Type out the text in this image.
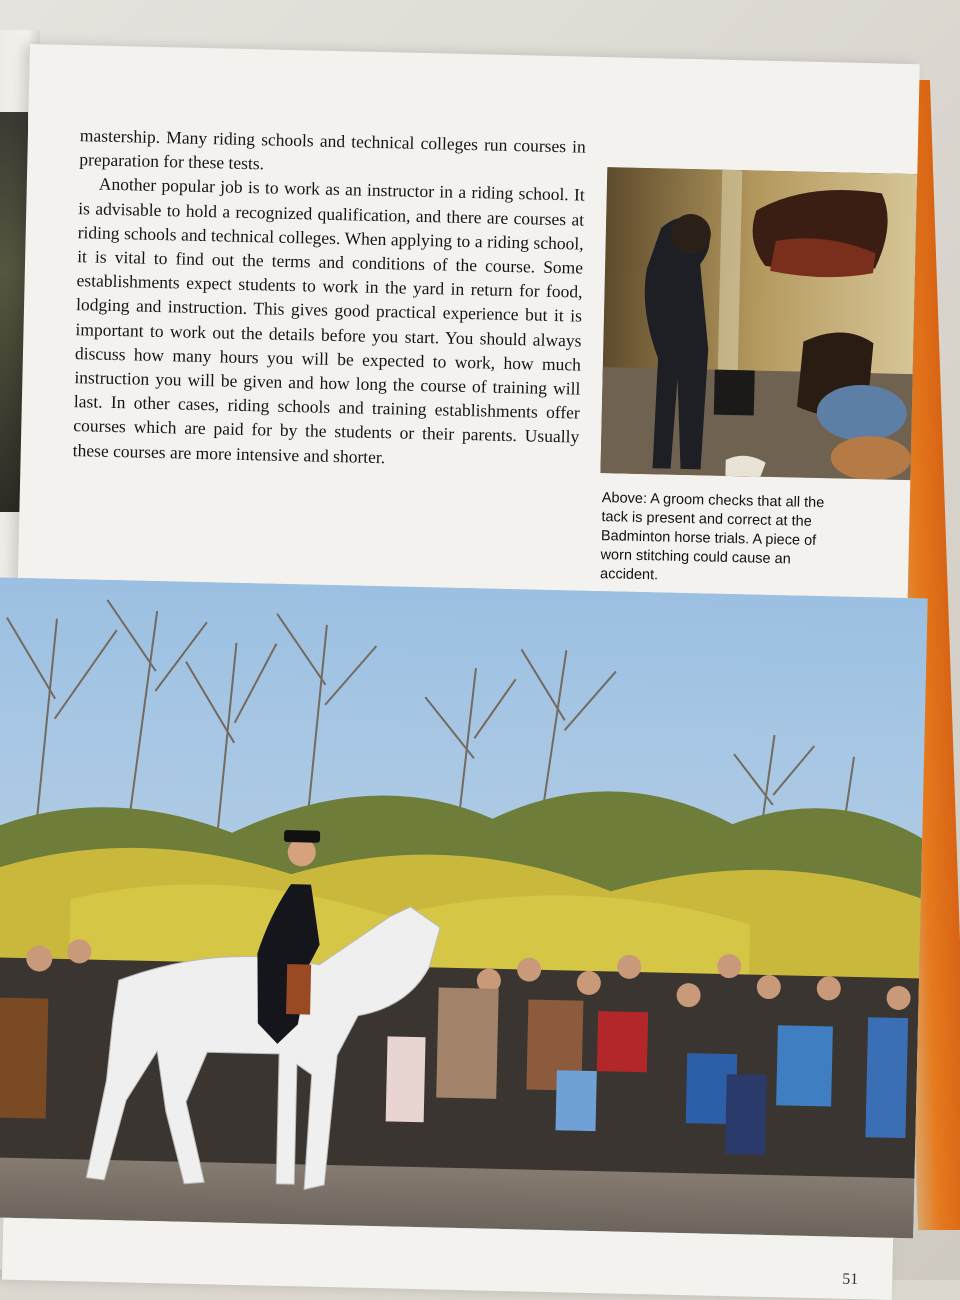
mastership. Many riding schools and technical colleges run courses in preparation for these tests.

Another popular job is to work as an instructor in a riding school. It is advisable to hold a recognized qualification, and there are courses at riding schools and technical colleges. When applying to a riding school, it is vital to find out the terms and conditions of the course. Some establishments expect students to work in the yard in return for food, lodging and instruction. This gives good practical experience but it is important to work out the details before you start. You should always discuss how many hours you will be expected to work, how much instruction you will be given and how long the course of training will last. In other cases, riding schools and training establishments offer courses which are paid for by the students or their parents. Usually these courses are more intensive and shorter.

Above: A groom checks that all the tack is present and correct at the Badminton horse trials. A piece of worn stitching could cause an accident.
51
